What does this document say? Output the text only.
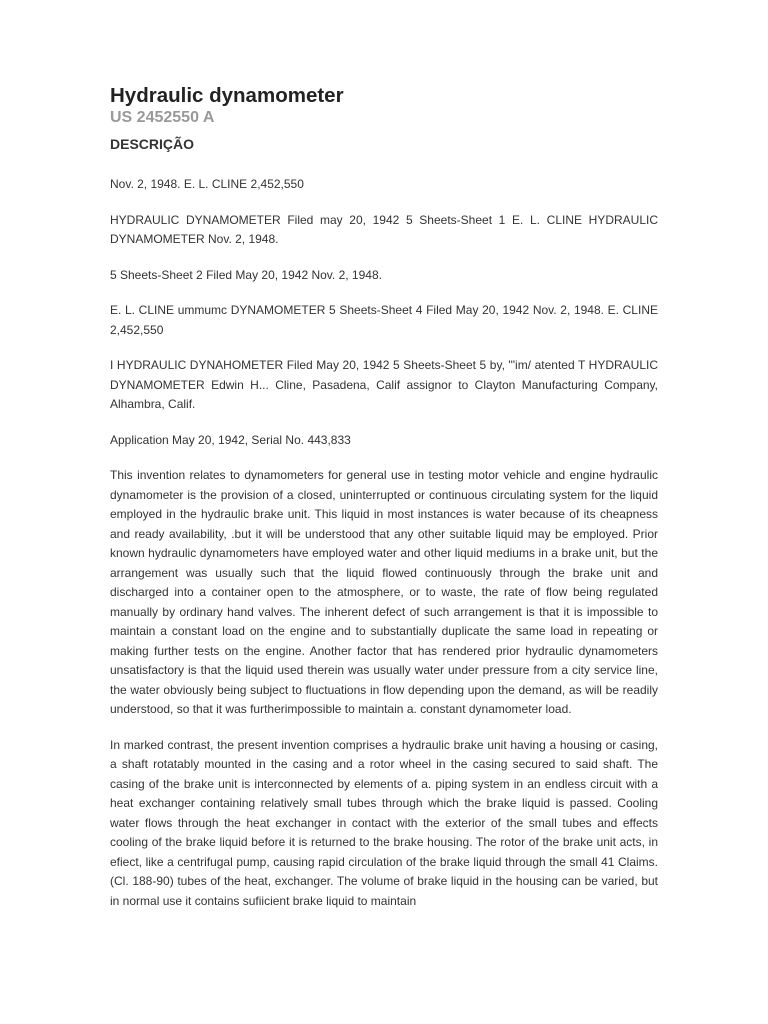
Hydraulic dynamometer
US 2452550 A
DESCRIÇÃO

Nov. 2, 1948. E. L. CLINE 2,452,550

HYDRAULIC DYNAMOMETER Filed may 20, 1942 5 Sheets-Sheet 1 E. L. CLINE HYDRAULIC DYNAMOMETER Nov. 2, 1948.

5 Sheets-Sheet 2 Filed May 20, 1942 Nov. 2, 1948.

E. L. CLINE ummumc DYNAMOMETER 5 Sheets-Sheet 4 Filed May 20, 1942 Nov. 2, 1948. E. CLINE 2,452,550

I HYDRAULIC DYNAHOMETER Filed May 20, 1942 5 Sheets-Sheet 5 by, "'im/ atented T HYDRAULIC DYNAMOMETER Edwin H... Cline, Pasadena, Calif assignor to Clayton Manufacturing Company, Alhambra, Calif.

Application May 20, 1942, Serial No. 443,833

This invention relates to dynamometers for general use in testing motor vehicle and engine hydraulic dynamometer is the provision of a closed, uninterrupted or continuous circulating system for the liquid employed in the hydraulic brake unit. This liquid in most instances is water because of its cheapness and ready availability, .but it will be understood that any other suitable liquid may be employed. Prior known hydraulic dynamometers have employed water and other liquid mediums in a brake unit, but the arrangement was usually such that the liquid flowed continuously through the brake unit and discharged into a container open to the atmosphere, or to waste, the rate of flow being regulated manually by ordinary hand valves. The inherent defect of such arrangement is that it is impossible to maintain a constant load on the engine and to substantially duplicate the same load in repeating or making further tests on the engine. Another factor that has rendered prior hydraulic dynamometers unsatisfactory is that the liquid used therein was usually water under pressure from a city service line, the water obviously being subject to fluctuations in flow depending upon the demand, as will be readily understood, so that it was furtherimpossible to maintain a. constant dynamometer load.

In marked contrast, the present invention comprises a hydraulic brake unit having a housing or casing, a shaft rotatably mounted in the casing and a rotor wheel in the casing secured to said shaft. The casing of the brake unit is interconnected by elements of a. piping system in an endless circuit with a heat exchanger containing relatively small tubes through which the brake liquid is passed. Cooling water flows through the heat exchanger in contact with the exterior of the small tubes and effects cooling of the brake liquid before it is returned to the brake housing. The rotor of the brake unit acts, in efiect, like a centrifugal pump, causing rapid circulation of the brake liquid through the small 41 Claims. (Cl. 188-90) tubes of the heat, exchanger. The volume of brake liquid in the housing can be varied, but in normal use it contains sufiicient brake liquid to maintain
